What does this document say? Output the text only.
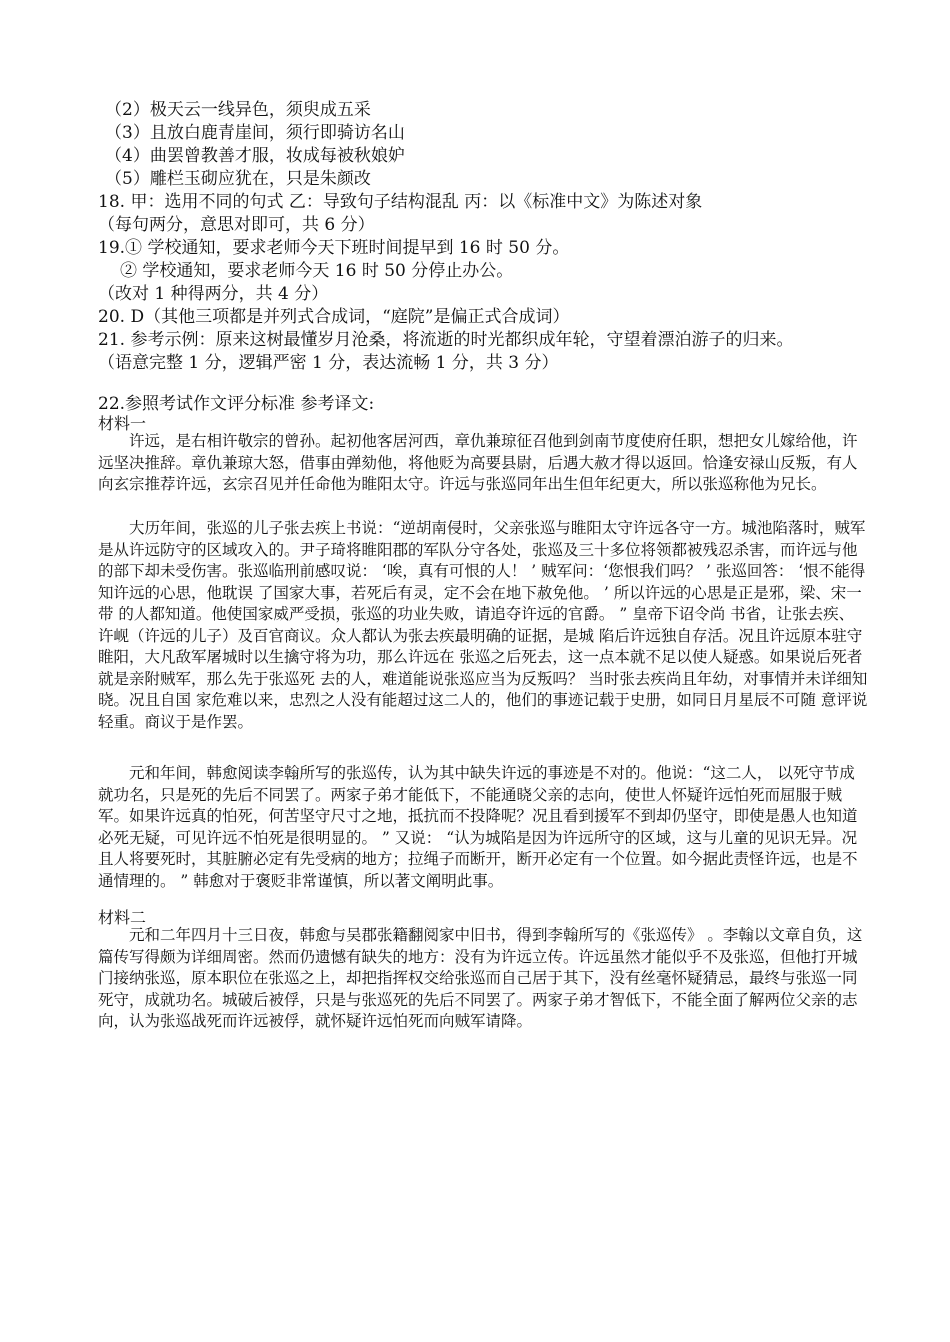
（2）极天云一线异色，须臾成五采
（3）且放白鹿青崖间，须行即骑访名山
（4）曲罢曾教善才服，妆成每被秋娘妒
（5）雕栏玉砌应犹在，只是朱颜改
18. 甲：选用不同的句式 乙：导致句子结构混乱 丙：以《标准中文》为陈述对象
（每句两分，意思对即可，共 6 分）
19.① 学校通知，要求老师今天下班时间提早到 16 时 50 分。
② 学校通知，要求老师今天 16 时 50 分停止办公。
（改对 1 种得两分，共 4 分）
20. D（其他三项都是并列式合成词，“庭院”是偏正式合成词）
21. 参考示例：原来这树最懂岁月沧桑，将流逝的时光都织成年轮，守望着漂泊游子的归来。
（语意完整 1 分，逻辑严密 1 分，表达流畅 1 分，共 3 分）
22.参照考试作文评分标准 参考译文:
材料一
许远，是右相许敬宗的曾孙。起初他客居河西，章仇兼琼征召他到剑南节度使府任职，想把女儿嫁给他，许远坚决推辞。章仇兼琼大怒，借事由弹劾他，将他贬为高要县尉，后遇大赦才得以返回。恰逢安禄山反叛，有人向玄宗推荐许远，玄宗召见并任命他为睢阳太守。许远与张巡同年出生但年纪更大，所以张巡称他为兄长。
大历年间，张巡的儿子张去疾上书说：“逆胡南侵时，父亲张巡与睢阳太守许远各守一方。城池陷落时，贼军是从许远防守的区域攻入的。尹子琦将睢阳郡的军队分守各处，张巡及三十多位将领都被残忍杀害，而许远与他的部下却未受伤害。张巡临刑前感叹说： ‘唉，真有可恨的人！ ’ 贼军问：‘您恨我们吗？ ’ 张巡回答： ‘恨不能得知许远的心思，他耽误 了国家大事，若死后有灵，定不会在地下赦免他。 ’ 所以许远的心思是正是邪，梁、宋一带 的人都知道。他使国家威严受损，张巡的功业失败，请追夺许远的官爵。 ” 皇帝下诏令尚 书省，让张去疾、许岘（许远的儿子）及百官商议。众人都认为张去疾最明确的证据，是城 陷后许远独自存活。况且许远原本驻守睢阳，大凡敌军屠城时以生擒守将为功，那么许远在 张巡之后死去，这一点本就不足以使人疑惑。如果说后死者就是亲附贼军，那么先于张巡死 去的人，难道能说张巡应当为反叛吗？ 当时张去疾尚且年幼，对事情并未详细知晓。况且自国 家危难以来，忠烈之人没有能超过这二人的，他们的事迹记载于史册，如同日月星辰不可随 意评说轻重。商议于是作罢。
元和年间，韩愈阅读李翰所写的张巡传，认为其中缺失许远的事迹是不对的。他说：“这二人， 以死守节成就功名，只是死的先后不同罢了。两家子弟才能低下，不能通晓父亲的志向，使世人怀疑许远怕死而屈服于贼军。如果许远真的怕死，何苦坚守尺寸之地，抵抗而不投降呢？况且看到援军不到却仍坚守，即使是愚人也知道必死无疑，可见许远不怕死是很明显的。 ” 又说： “认为城陷是因为许远所守的区域，这与儿童的见识无异。况且人将要死时，其脏腑必定有先受病的地方；拉绳子而断开，断开必定有一个位置。如今据此责怪许远，也是不通情理的。 ” 韩愈对于褒贬非常谨慎，所以著文阐明此事。
材料二
元和二年四月十三日夜，韩愈与吴郡张籍翻阅家中旧书，得到李翰所写的《张巡传》 。李翰以文章自负，这篇传写得颇为详细周密。然而仍遗憾有缺失的地方：没有为许远立传。许远虽然才能似乎不及张巡，但他打开城门接纳张巡，原本职位在张巡之上，却把指挥权交给张巡而自己居于其下，没有丝毫怀疑猜忌，最终与张巡一同死守，成就功名。城破后被俘，只是与张巡死的先后不同罢了。两家子弟才智低下，不能全面了解两位父亲的志向，认为张巡战死而许远被俘，就怀疑许远怕死而向贼军请降。
